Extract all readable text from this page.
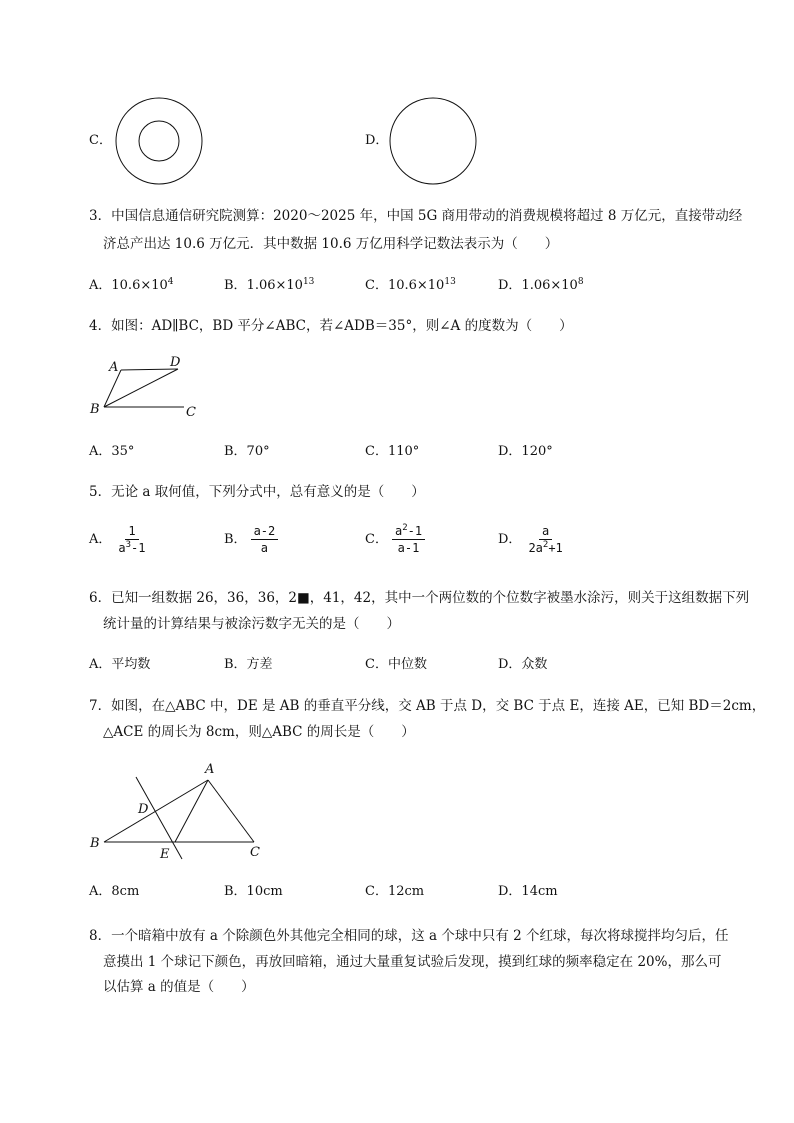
C．	D．
3．中国信息通信研究院测算：2020～2025 年，中国 5G 商用带动的消费规模将超过 8 万亿元，直接带动经
济总产出达 10.6 万亿元．其中数据 10.6 万亿用科学记数法表示为（　　）
A．$10.6\times 10^4$	B．$1.06\times 10^{13}$	C．$10.6\times 10^{13}$	D．$1.06\times 10^8$
4．如图：AD∥BC，BD 平分∠ABC，若∠ADB＝35°，则∠A 的度数为（　　）
A	D
B	C
A．35°	B．70°	C．110°	D．120°
5．无论 a 取何值，下列分式中，总有意义的是（　　）
A． $\frac{1}{a^3-1}$	B． $\frac{a-2}{a}$	C． $\frac{a^2-1}{a-1}$	D． $\frac{a}{2a^2+1}$
6．已知一组数据 26，36，36，2■，41，42，其中一个两位数的个位数字被墨水涂污，则关于这组数据下列
统计量的计算结果与被涂污数字无关的是（　　）
A．平均数	B．方差	C．中位数	D．众数
7．如图，在△ABC 中，DE 是 AB 的垂直平分线，交 AB 于点 D，交 BC 于点 E，连接 AE，已知 BD＝2cm，
△ACE 的周长为 8cm，则△ABC 的周长是（　　）
A
D
B
E	C
A．8cm	B．10cm	C．12cm	D．14cm
8．一个暗箱中放有 a 个除颜色外其他完全相同的球，这 a 个球中只有 2 个红球，每次将球搅拌均匀后，任
意摸出 1 个球记下颜色，再放回暗箱，通过大量重复试验后发现，摸到红球的频率稳定在 20%，那么可
以估算 a 的值是（　　）
